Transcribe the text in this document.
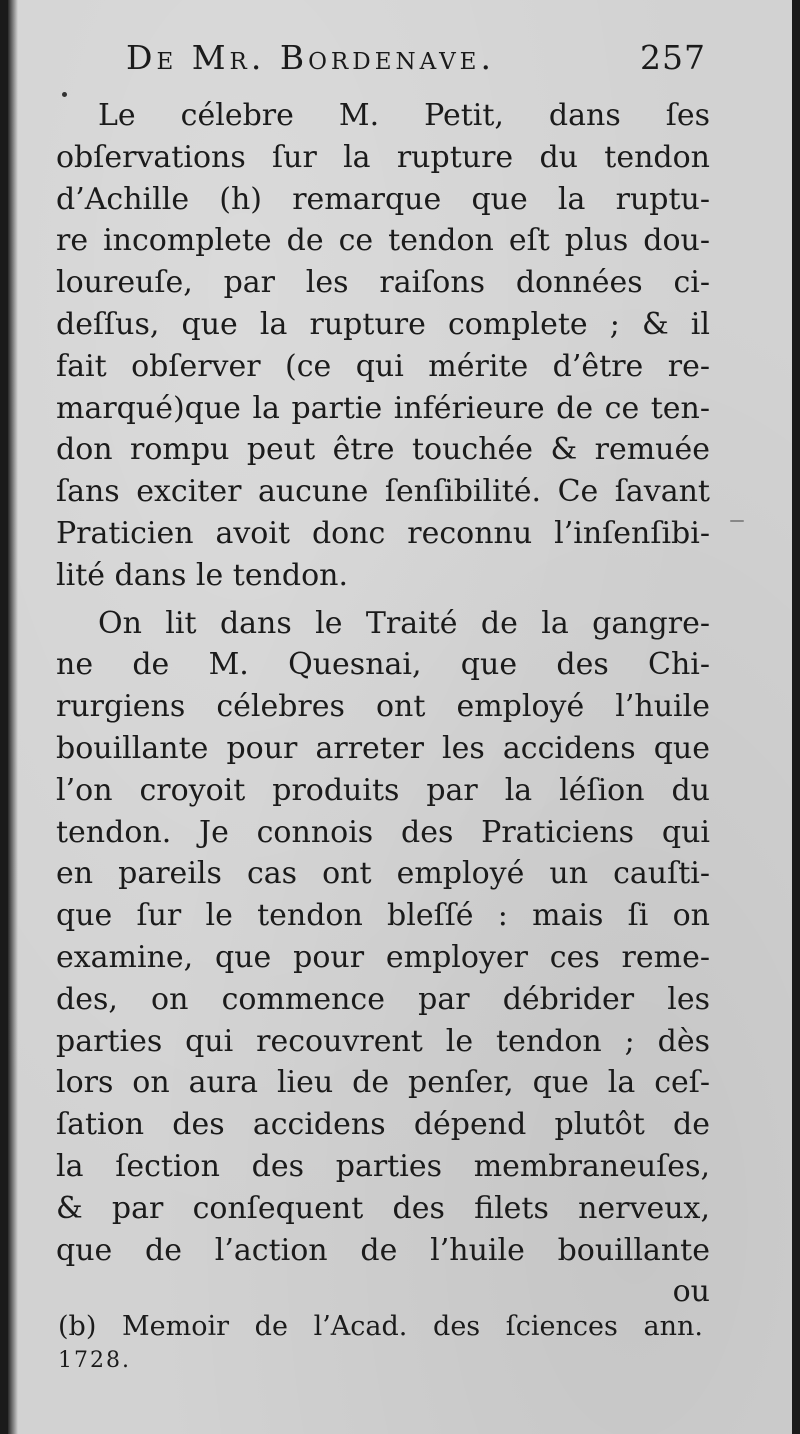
De Mr. Bordenave.	257
Le célebre M. Petit, dans ſes
obſervations ſur la rupture du tendon
d’Achille (h) remarque que la ruptu-
re incomplete de ce tendon eſt plus dou-
loureuſe, par les raiſons données ci-
deſſus, que la rupture complete ; & il
fait obſerver (ce qui mérite d’être re-
marqué)que la partie inférieure de ce ten-
don rompu peut être touchée & remuée
ſans exciter aucune ſenſibilité. Ce ſavant
Praticien avoit donc reconnu l’inſenſibi-
lité dans le tendon.
On lit dans le Traité de la gangre-
ne de M. Quesnai, que des Chi-
rurgiens célebres ont employé l’huile
bouillante pour arreter les accidens que
l’on croyoit produits par la léſion du
tendon. Je connois des Praticiens qui
en pareils cas ont employé un cauſti-
que ſur le tendon bleſſé : mais ſi on
examine, que pour employer ces reme-
des, on commence par débrider les
parties qui recouvrent le tendon ; dès
lors on aura lieu de penſer, que la ceſ-
ſation des accidens dépend plutôt de
la ſection des parties membraneuſes,
& par conſequent des filets nerveux,
que de l’action de l’huile bouillante
ou
(b) Memoir de l’Acad. des ſciences ann.
1728.
